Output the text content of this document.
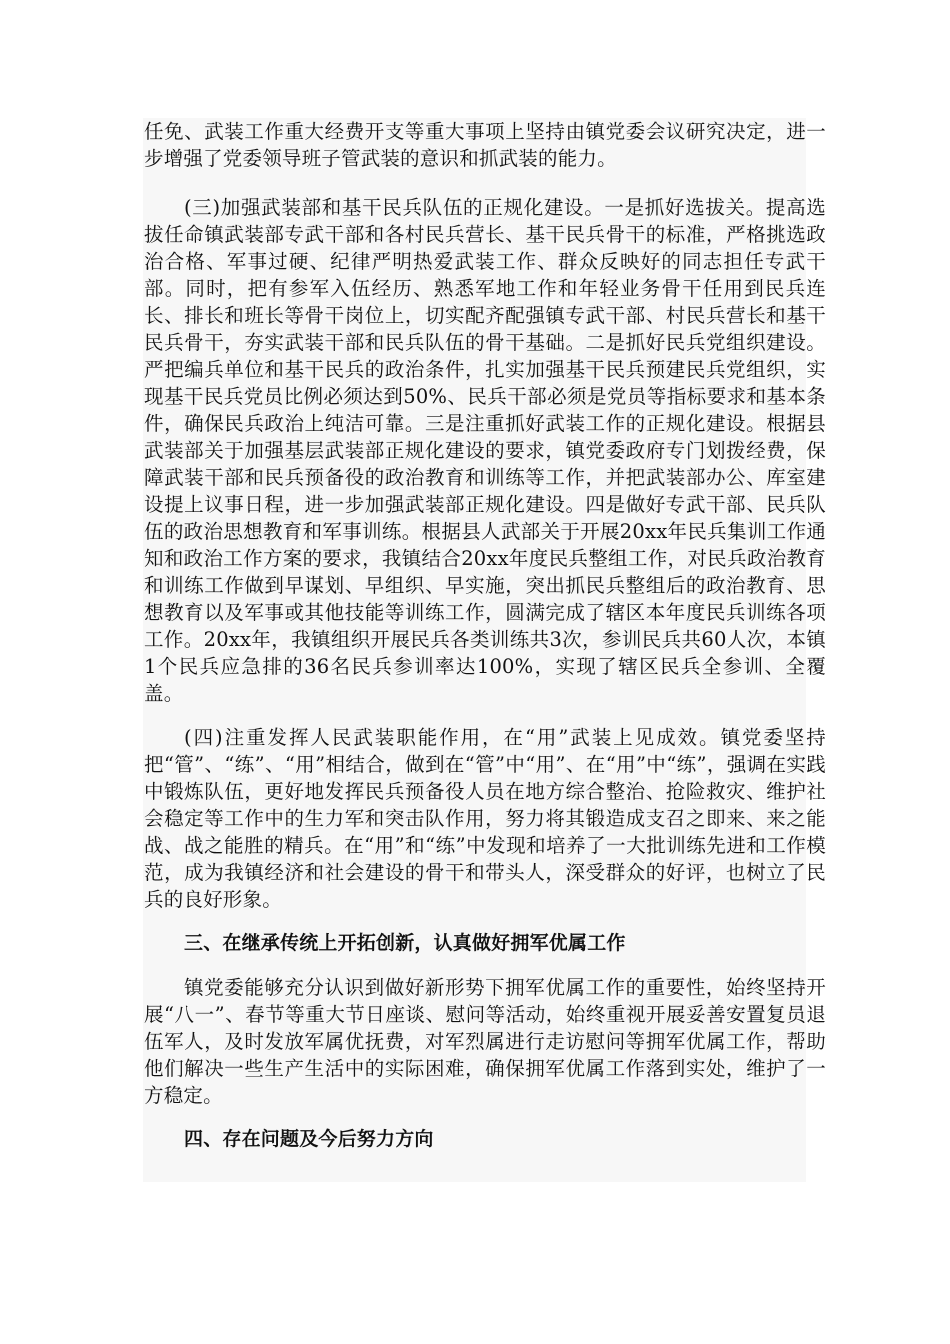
任免、武装工作重大经费开支等重大事项上坚持由镇党委会议研究决定，进一步增强了党委领导班子管武装的意识和抓武装的能力。

(三)加强武装部和基干民兵队伍的正规化建设。一是抓好选拔关。提高选拔任命镇武装部专武干部和各村民兵营长、基干民兵骨干的标准，严格挑选政治合格、军事过硬、纪律严明热爱武装工作、群众反映好的同志担任专武干部。同时，把有参军入伍经历、熟悉军地工作和年轻业务骨干任用到民兵连长、排长和班长等骨干岗位上，切实配齐配强镇专武干部、村民兵营长和基干民兵骨干，夯实武装干部和民兵队伍的骨干基础。二是抓好民兵党组织建设。严把编兵单位和基干民兵的政治条件，扎实加强基干民兵预建民兵党组织，实现基干民兵党员比例必须达到50%、民兵干部必须是党员等指标要求和基本条件，确保民兵政治上纯洁可靠。三是注重抓好武装工作的正规化建设。根据县武装部关于加强基层武装部正规化建设的要求，镇党委政府专门划拨经费，保障武装干部和民兵预备役的政治教育和训练等工作，并把武装部办公、库室建设提上议事日程，进一步加强武装部正规化建设。四是做好专武干部、民兵队伍的政治思想教育和军事训练。根据县人武部关于开展20xx年民兵集训工作通知和政治工作方案的要求，我镇结合20xx年度民兵整组工作，对民兵政治教育和训练工作做到早谋划、早组织、早实施，突出抓民兵整组后的政治教育、思想教育以及军事或其他技能等训练工作，圆满完成了辖区本年度民兵训练各项工作。20xx年，我镇组织开展民兵各类训练共3次，参训民兵共60人次，本镇1个民兵应急排的36名民兵参训率达100%，实现了辖区民兵全参训、全覆盖。

(四)注重发挥人民武装职能作用，在“用”武装上见成效。镇党委坚持把“管”、“练”、“用”相结合，做到在“管”中“用”、在“用”中“练”，强调在实践中锻炼队伍，更好地发挥民兵预备役人员在地方综合整治、抢险救灾、维护社会稳定等工作中的生力军和突击队作用，努力将其锻造成支召之即来、来之能战、战之能胜的精兵。在“用”和“练”中发现和培养了一大批训练先进和工作模范，成为我镇经济和社会建设的骨干和带头人，深受群众的好评，也树立了民兵的良好形象。

三、在继承传统上开拓创新，认真做好拥军优属工作

镇党委能够充分认识到做好新形势下拥军优属工作的重要性，始终坚持开展“八一”、春节等重大节日座谈、慰问等活动，始终重视开展妥善安置复员退伍军人，及时发放军属优抚费，对军烈属进行走访慰问等拥军优属工作，帮助他们解决一些生产生活中的实际困难，确保拥军优属工作落到实处，维护了一方稳定。

四、存在问题及今后努力方向
